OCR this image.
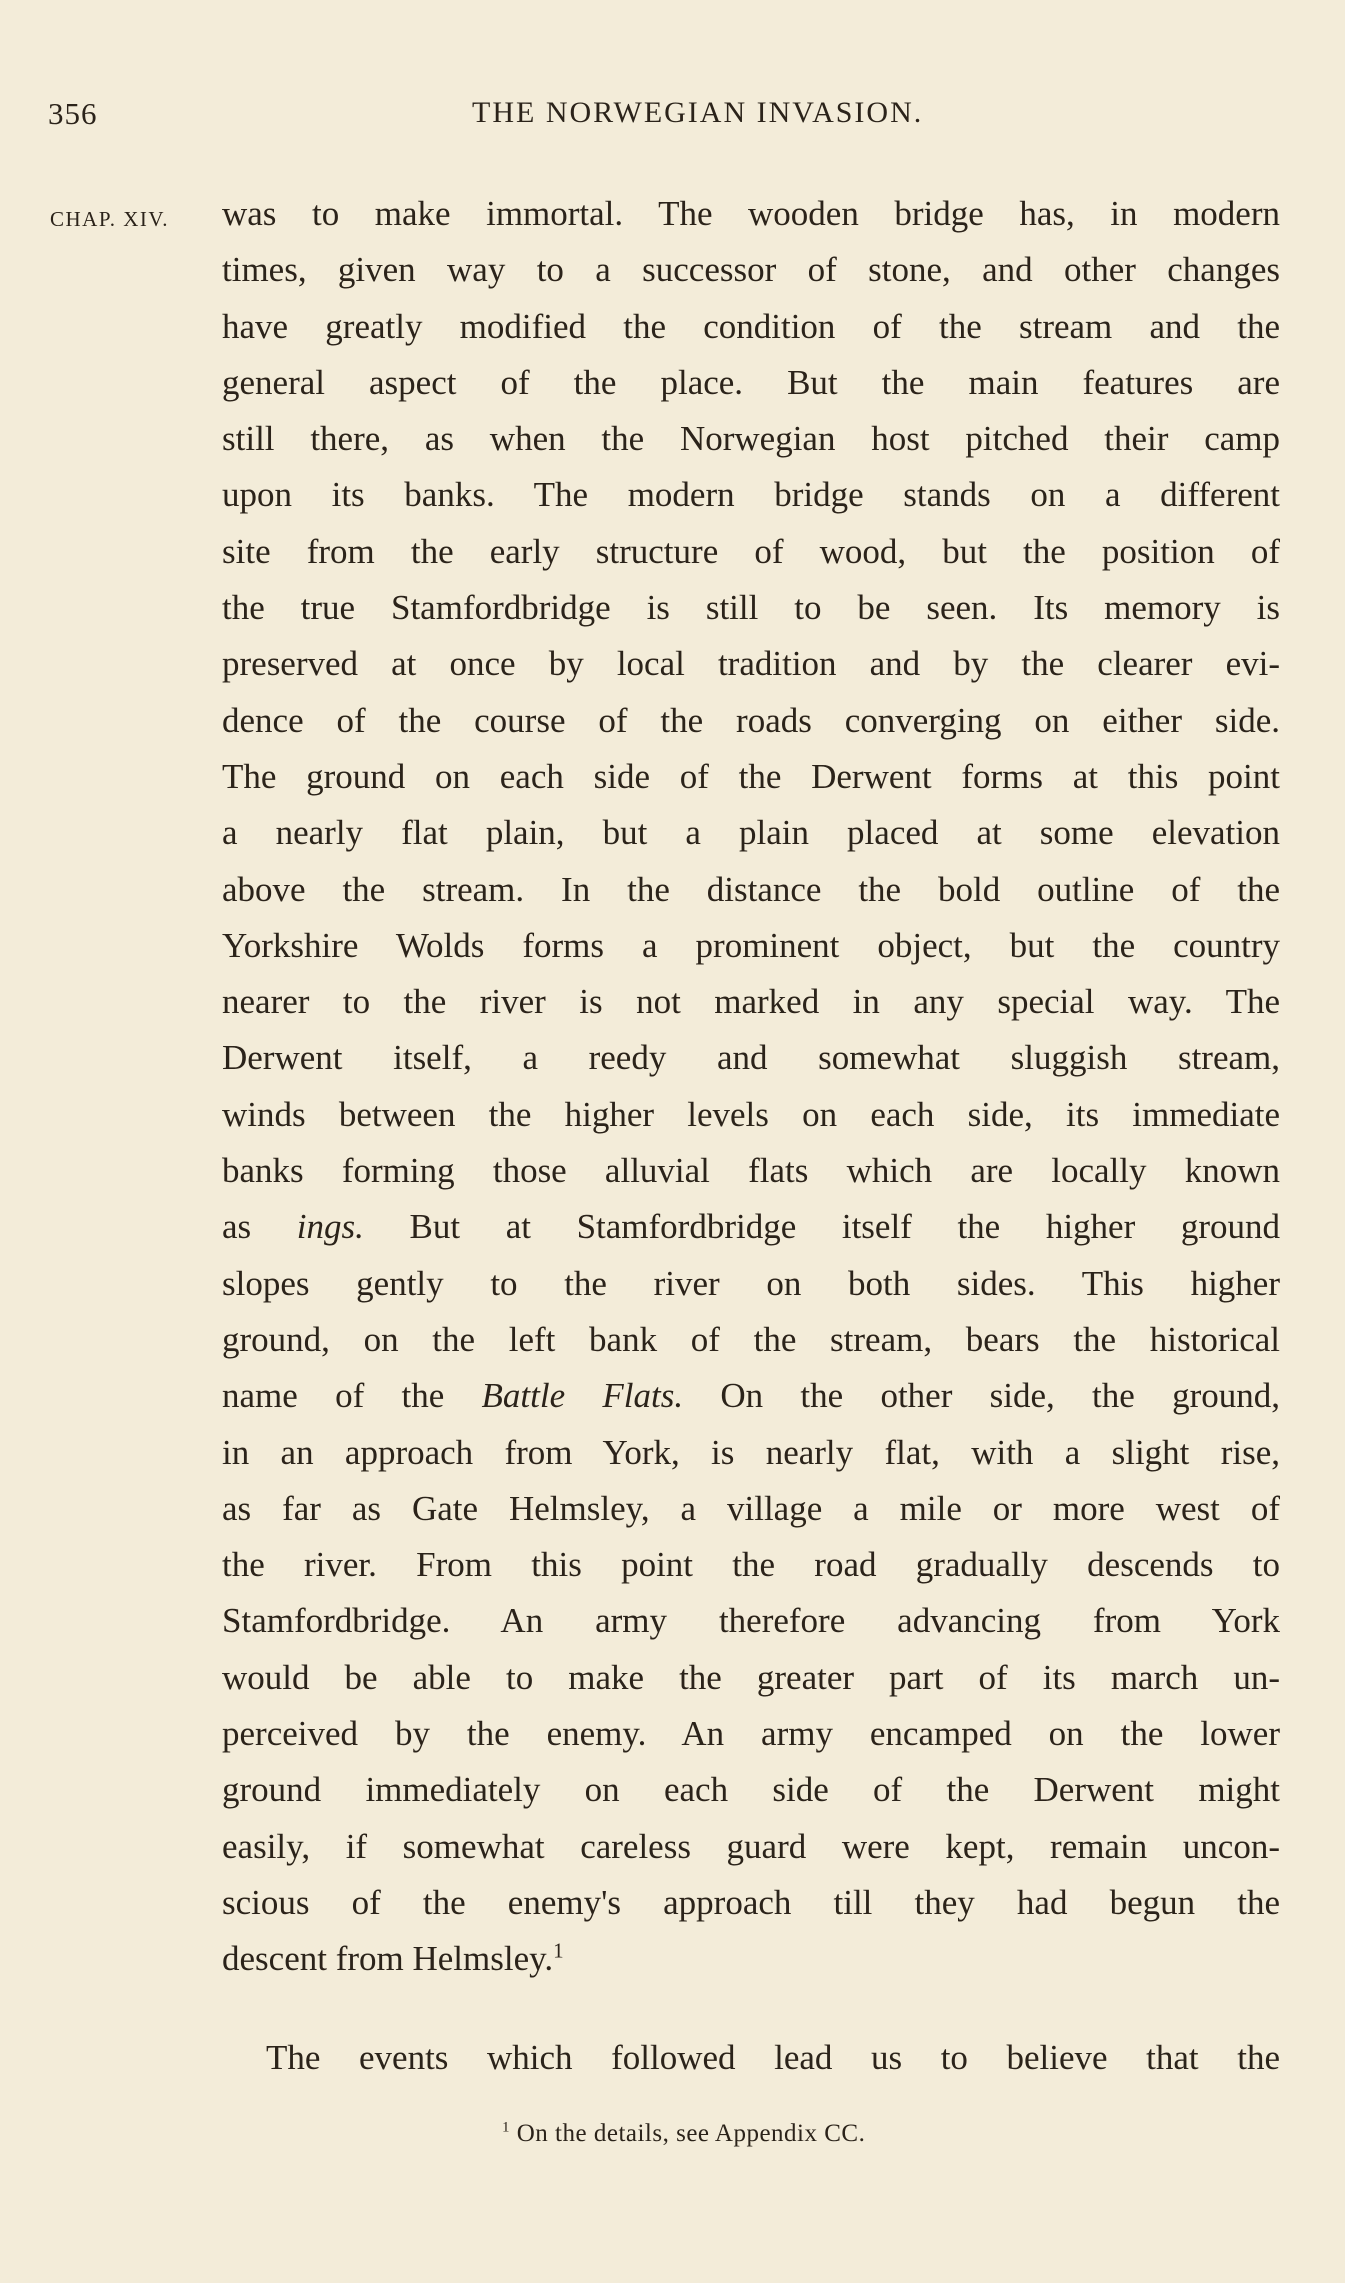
356	THE NORWEGIAN INVASION.
CHAP. XIV. was to make immortal. The wooden bridge has, in modern
times, given way to a successor of stone, and other changes
have greatly modified the condition of the stream and the
general aspect of the place. But the main features are
still there, as when the Norwegian host pitched their camp
upon its banks. The modern bridge stands on a different
site from the early structure of wood, but the position of
the true Stamfordbridge is still to be seen. Its memory is
preserved at once by local tradition and by the clearer evi-
dence of the course of the roads converging on either side.
The ground on each side of the Derwent forms at this point
a nearly flat plain, but a plain placed at some elevation
above the stream. In the distance the bold outline of the
Yorkshire Wolds forms a prominent object, but the country
nearer to the river is not marked in any special way. The
Derwent itself, a reedy and somewhat sluggish stream,
winds between the higher levels on each side, its immediate
banks forming those alluvial flats which are locally known
as ings. But at Stamfordbridge itself the higher ground
slopes gently to the river on both sides. This higher
ground, on the left bank of the stream, bears the historical
name of the Battle Flats. On the other side, the ground,
in an approach from York, is nearly flat, with a slight rise,
as far as Gate Helmsley, a village a mile or more west of
the river. From this point the road gradually descends to
Stamfordbridge. An army therefore advancing from York
would be able to make the greater part of its march un-
perceived by the enemy. An army encamped on the lower
ground immediately on each side of the Derwent might
easily, if somewhat careless guard were kept, remain uncon-
scious of the enemy's approach till they had begun the
descent from Helmsley.$^1$
The events which followed lead us to believe that the
$^1$ On the details, see Appendix CC.
